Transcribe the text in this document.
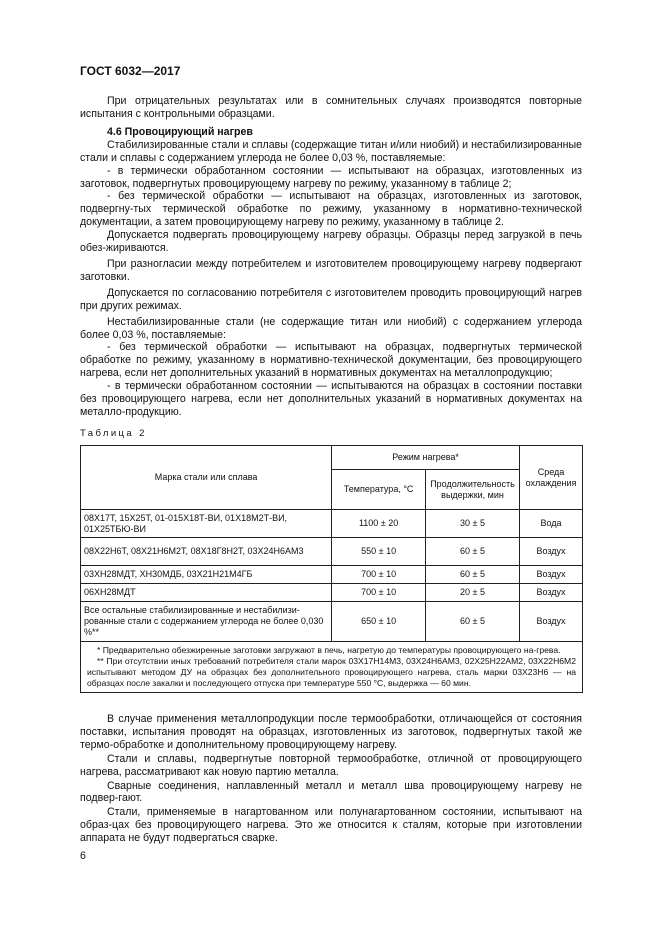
ГОСТ 6032—2017

При отрицательных результатах или в сомнительных случаях производятся повторные испытания с контрольными образцами.

4.6 Провоцирующий нагрев

Стабилизированные стали и сплавы (содержащие титан и/или ниобий) и нестабилизированные стали и сплавы с содержанием углерода не более 0,03 %, поставляемые:

- в термически обработанном состоянии — испытывают на образцах, изготовленных из заготовок, подвергнутых провоцирующему нагреву по режиму, указанному в таблице 2;

- без термической обработки — испытывают на образцах, изготовленных из заготовок, подвергну-тых термической обработке по режиму, указанному в нормативно-технической документации, а затем провоцирующему нагреву по режиму, указанному в таблице 2.

Допускается подвергать провоцирующему нагреву образцы. Образцы перед загрузкой в печь обез-жириваются.

При разногласии между потребителем и изготовителем провоцирующему нагреву подвергают заготовки.

Допускается по согласованию потребителя с изготовителем проводить провоцирующий нагрев при других режимах.

Нестабилизированные стали (не содержащие титан или ниобий) с содержанием углерода более 0,03 %, поставляемые:

- без термической обработки — испытывают на образцах, подвергнутых термической обработке по режиму, указанному в нормативно-технической документации, без провоцирующего нагрева, если нет дополнительных указаний в нормативных документах на металлопродукцию;

- в термически обработанном состоянии — испытываются на образцах в состоянии поставки без провоцирующего нагрева, если нет дополнительных указаний в нормативных документах на металло-продукцию.

Таблица 2
Марка стали или сплава	Режим нагрева*		Среда охлаждения
	Температура, °С	Продолжительность выдержки, мин	
08Х17Т, 15Х25Т, 01-015Х18Т-ВИ, 01Х18М2Т-ВИ, 01Х25ТБЮ-ВИ	1100 ± 20	30 ± 5	Вода
08Х22Н6Т, 08Х21Н6М2Т, 08Х18Г8Н2Т, 03Х24Н6АМ3	550 ± 10	60 ± 5	Воздух
03ХН28МДТ, ХН30МДБ, 03Х21Н21М4ГБ	700 ± 10	60 ± 5	Воздух
06ХН28МДТ	700 ± 10	20 ± 5	Воздух
Все остальные стабилизированные и нестабилизи-рованные стали с содержанием углерода не более 0,030 %**	650 ± 10	60 ± 5	Воздух

* Предварительно обезжиренные заготовки загружают в печь, нагретую до температуры провоцирующего на-грева.

** При отсутствии иных требований потребителя стали марок 03Х17Н14М3, 03Х24Н6АМ3, 02Х25Н22АМ2, 03Х22Н6М2 испытывают методом ДУ на образцах без дополнительного провоцирующего нагрева, сталь марки 03Х23Н6 — на образцах после закалки и последующего отпуска при температуре 550 °С, выдержка — 60 мин.			

В случае применения металлопродукции после термообработки, отличающейся от состояния поставки, испытания проводят на образцах, изготовленных из заготовок, подвергнутых такой же термо-обработке и дополнительному провоцирующему нагреву.

Стали и сплавы, подвергнутые повторной термообработке, отличной от провоцирующего нагрева, рассматривают как новую партию металла.

Сварные соединения, наплавленный металл и металл шва провоцирующему нагреву не подвер-гают.

Стали, применяемые в нагартованном или полунагартованном состоянии, испытывают на образ-цах без провоцирующего нагрева. Это же относится к сталям, которые при изготовлении аппарата не будут подвергаться сварке.

6
